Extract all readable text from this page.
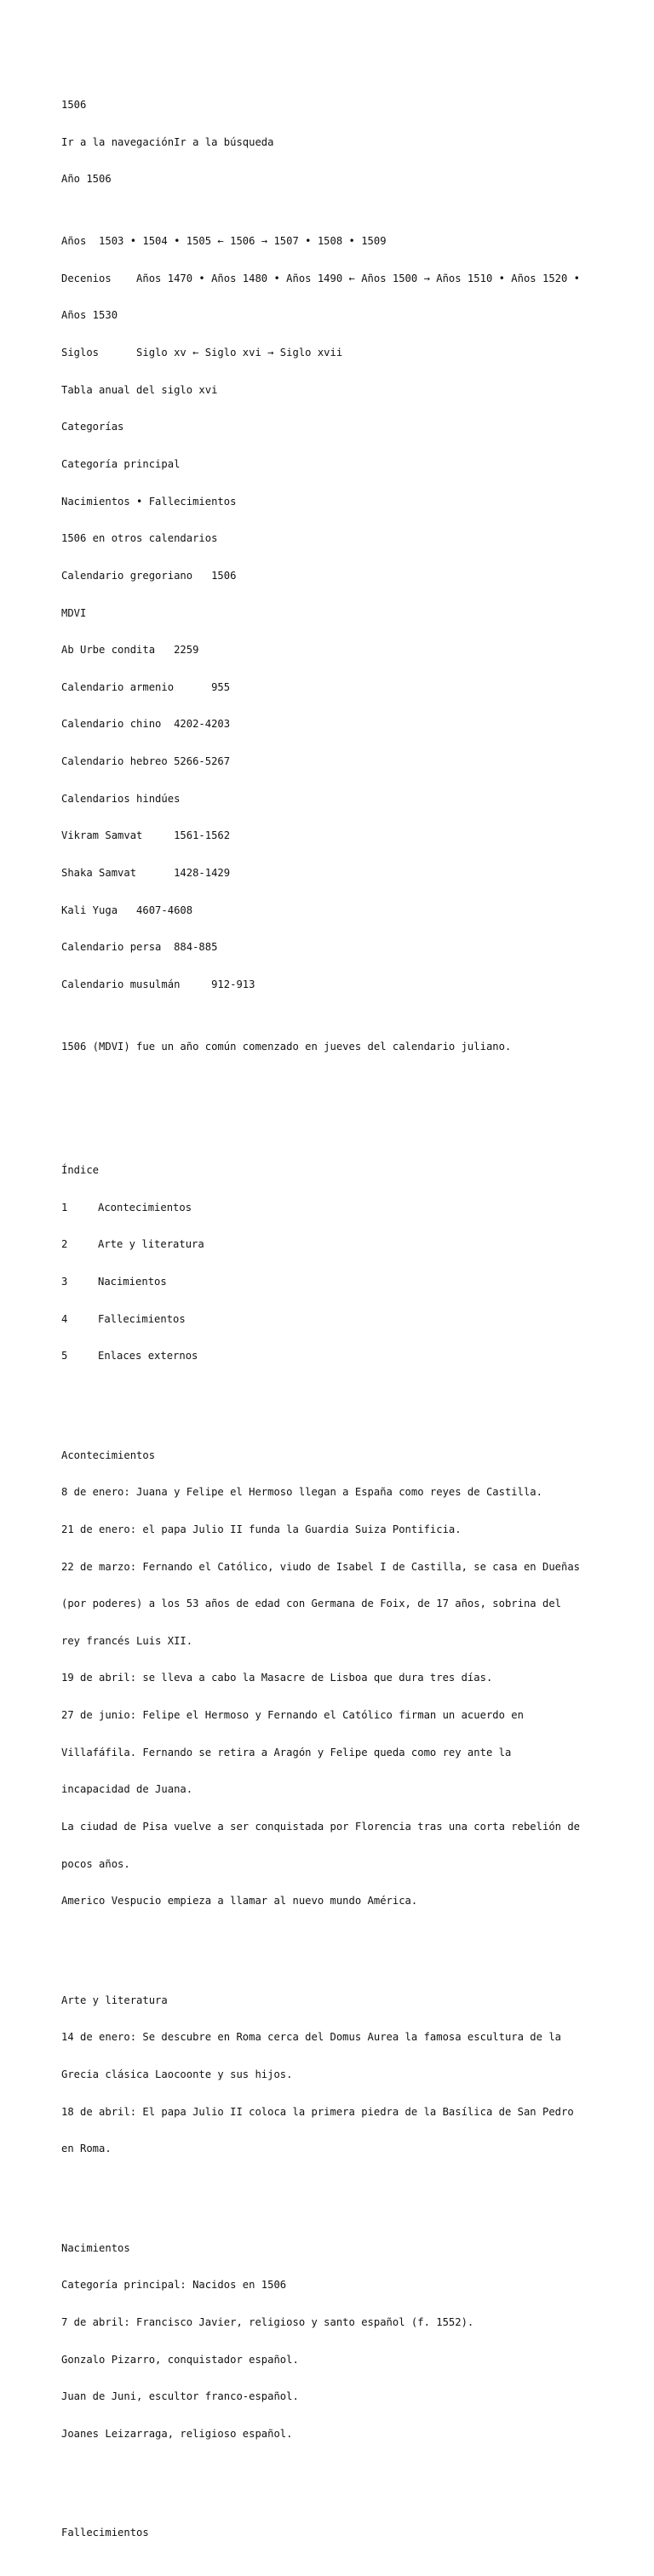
1506

Ir a la navegaciónIr a la búsqueda

Año 1506

Años  1503 • 1504 • 1505 ← 1506 → 1507 • 1508 • 1509

Decenios    Años 1470 • Años 1480 • Años 1490 ← Años 1500 → Años 1510 • Años 1520 •

Años 1530

Siglos      Siglo xv ← Siglo xvi → Siglo xvii

Tabla anual del siglo xvi

Categorías

Categoría principal

Nacimientos • Fallecimientos

1506 en otros calendarios

Calendario gregoriano   1506

MDVI

Ab Urbe condita   2259

Calendario armenio      955

Calendario chino  4202-4203

Calendario hebreo 5266-5267

Calendarios hindúes

Vikram Samvat     1561-1562

Shaka Samvat      1428-1429

Kali Yuga   4607-4608

Calendario persa  884-885

Calendario musulmán     912-913

1506 (MDVI) fue un año común comenzado en jueves del calendario juliano.

Índice

1	Acontecimientos

2	Arte y literatura

3	Nacimientos

4	Fallecimientos

5	Enlaces externos

Acontecimientos

8 de enero: Juana y Felipe el Hermoso llegan a España como reyes de Castilla.

21 de enero: el papa Julio II funda la Guardia Suiza Pontificia.

22 de marzo: Fernando el Católico, viudo de Isabel I de Castilla, se casa en Dueñas

(por poderes) a los 53 años de edad con Germana de Foix, de 17 años, sobrina del

rey francés Luis XII.

19 de abril: se lleva a cabo la Masacre de Lisboa que dura tres días.

27 de junio: Felipe el Hermoso y Fernando el Católico firman un acuerdo en

Villafáfila. Fernando se retira a Aragón y Felipe queda como rey ante la

incapacidad de Juana.

La ciudad de Pisa vuelve a ser conquistada por Florencia tras una corta rebelión de

pocos años.

Americo Vespucio empieza a llamar al nuevo mundo América.

Arte y literatura

14 de enero: Se descubre en Roma cerca del Domus Aurea la famosa escultura de la

Grecia clásica Laocoonte y sus hijos.

18 de abril: El papa Julio II coloca la primera piedra de la Basílica de San Pedro

en Roma.

Nacimientos

Categoría principal: Nacidos en 1506

7 de abril: Francisco Javier, religioso y santo español (f. 1552).

Gonzalo Pizarro, conquistador español.

Juan de Juni, escultor franco-español.

Joanes Leizarraga, religioso español.

Fallecimientos
